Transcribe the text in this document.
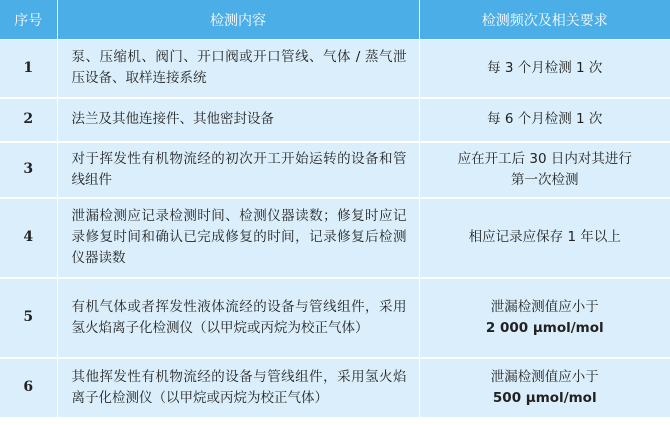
序号	检测内容	检测频次及相关要求
1	泵、压缩机、阀门、开口阀或开口管线、气体 / 蒸气泄压设备、取样连接系统	每 3 个月检测 1 次

2	法兰及其他连接件、其他密封设备	每 6 个月检测 1 次

3	对于挥发性有机物流经的初次开工开始运转的设备和管线组件	应在开工后 30 日内对其进行
第一次检测

4	泄漏检测应记录检测时间、检测仪器读数；修复时应记录修复时间和确认已完成修复的时间，记录修复后检测仪器读数	相应记录应保存 1 年以上

5	有机气体或者挥发性液体流经的设备与管线组件，采用氢火焰离子化检测仪（以甲烷或丙烷为校正气体）	泄漏检测值应小于
2 000 μmol/mol

6	其他挥发性有机物流经的设备与管线组件，采用氢火焰离子化检测仪（以甲烷或丙烷为校正气体）	泄漏检测值应小于
500 μmol/mol
